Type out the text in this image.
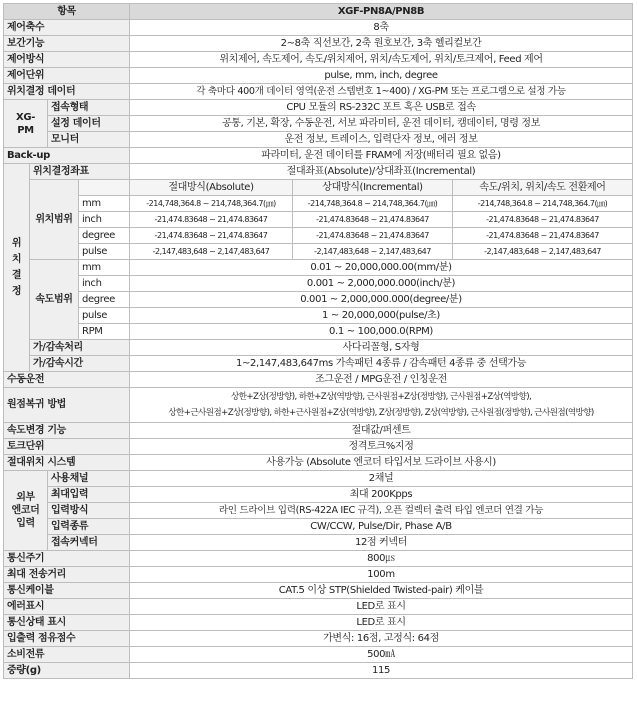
항목				XGF-PN8A/PN8B		
제어축수				8축		
보간기능				2~8축 직선보간, 2축 원호보간, 3축 헬리컬보간		
제어방식				위치제어, 속도제어, 속도/위치제어, 위치/속도제어, 위치/토크제어, Feed 제어		
제어단위				pulse, mm, inch, degree		
위치결정 데이터				각 축마다 400개 데이터 영역(운전 스텝번호 1~400) / XG-PM 또는 프로그램으로 설정 가능		
XG-
PM		접속형태		CPU 모듈의 RS-232C 포트 혹은 USB로 접속		
		설정 데이터		공통, 기본, 확장, 수동운전, 서보 파라미터, 운전 데이터, 캠데이터, 명령 정보		
		모니터		운전 정보, 트레이스, 입력단자 정보, 에러 정보		
Back-up				파라미터, 운전 데이터를 FRAM에 저장(배터리 필요 없음)		
위
치
결
정	위치결정좌표			절대좌표(Absolute)/상대좌표(Incremental)		
	위치범위			절대방식(Absolute)	상대방식(Incremental)	속도/위치, 위치/속도 전환제어
			mm	-214,748,364.8 ~ 214,748,364.7(㎛)	-214,748,364.8 ~ 214,748,364.7(㎛)	-214,748,364.8 ~ 214,748,364.7(㎛)
			inch	-21,474.83648 ~ 21,474.83647	-21,474.83648 ~ 21,474.83647	-21,474.83648 ~ 21,474.83647
			degree	-21,474.83648 ~ 21,474.83647	-21,474.83648 ~ 21,474.83647	-21,474.83648 ~ 21,474.83647
			pulse	-2,147,483,648 ~ 2,147,483,647	-2,147,483,648 ~ 2,147,483,647	-2,147,483,648 ~ 2,147,483,647
	속도범위		mm	0.01 ~ 20,000,000.00(mm/분)		
			inch	0.001 ~ 2,000,000.000(inch/분)		
			degree	0.001 ~ 2,000,000.000(degree/분)		
			pulse	1 ~ 20,000,000(pulse/초)		
			RPM	0.1 ~ 100,000.0(RPM)		
	가/감속처리			사다리꼴형, S자형		
	가/감속시간			1~2,147,483,647ms 가속패턴 4종류 / 감속패턴 4종류 중 선택가능		
수동운전				조그운전 / MPG운전 / 인칭운전		
원점복귀 방법				상한+Z상(정방향), 하한+Z상(역방향), 근사원점+Z상(정방향), 근사원점+Z상(역방향),
상한+근사원점+Z상(정방향), 하한+근사원점+Z상(역방향), Z상(정방향), Z상(역방향), 근사원점(정방향), 근사원점(역방향)		
속도변경 기능				절대값/퍼센트		
토크단위				정격토크%지정		
절대위치 시스템				사용가능 (Absolute 엔코더 타입서보 드라이브 사용시)		
외부
엔코더
입력		사용채널		2채널		
		최대입력		최대 200Kpps		
		입력방식		라인 드라이브 입력(RS-422A IEC 규격), 오픈 컬렉터 출력 타입 엔코더 연결 가능		
		입력종류		CW/CCW, Pulse/Dir, Phase A/B		
		접속커넥터		12점 커넥터		
통신주기				800㎲		
최대 전송거리				100m		
통신케이블				CAT.5 이상 STP(Shielded Twisted-pair) 케이블		
에러표시				LED로 표시		
통신상태 표시				LED로 표시		
입출력 점유점수				가변식: 16점, 고정식: 64점		
소비전류				500㎃		
중량(g)				115		
